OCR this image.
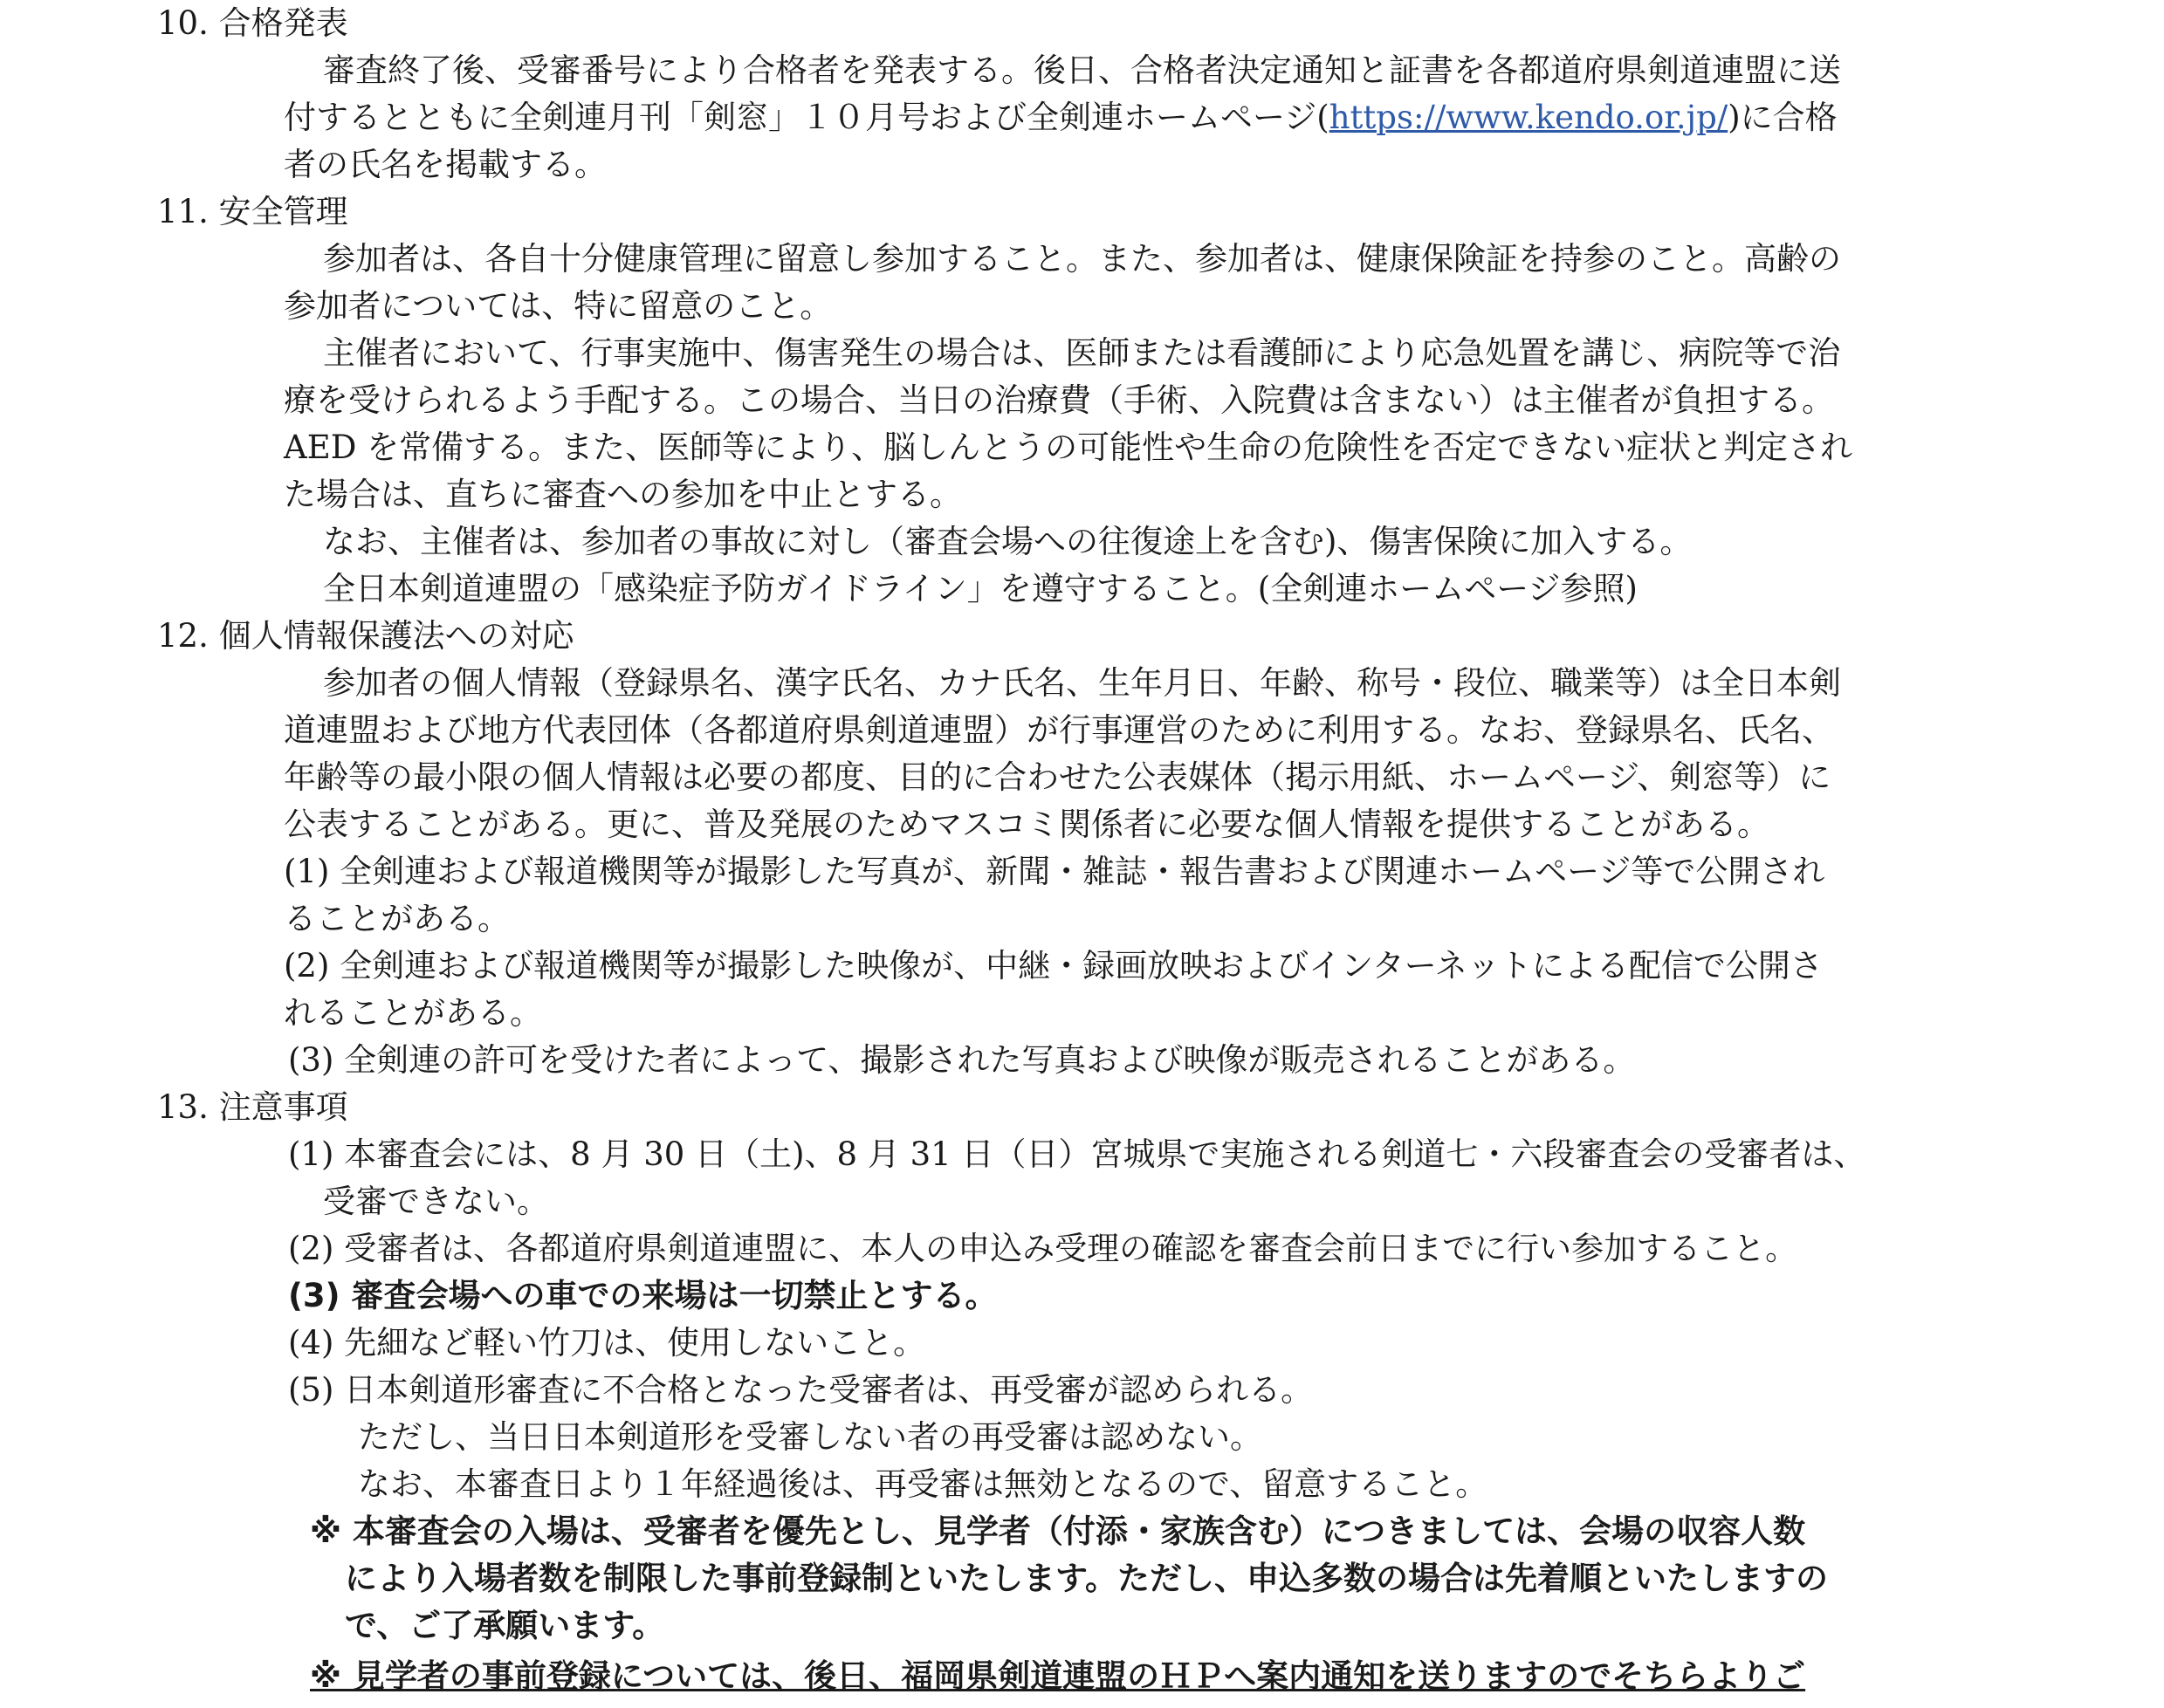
10. 合格発表
審査終了後、受審番号により合格者を発表する。後日、合格者決定通知と証書を各都道府県剣道連盟に送
付するとともに全剣連月刊「剣窓」１０月号および全剣連ホームページ(https://www.kendo.or.jp/)に合格
者の氏名を掲載する。
11. 安全管理
参加者は、各自十分健康管理に留意し参加すること。また、参加者は、健康保険証を持参のこと。高齢の
参加者については、特に留意のこと。
主催者において、行事実施中、傷害発生の場合は、医師または看護師により応急処置を講じ、病院等で治
療を受けられるよう手配する。この場合、当日の治療費（手術、入院費は含まない）は主催者が負担する。
AED を常備する。また、医師等により、脳しんとうの可能性や生命の危険性を否定できない症状と判定され
た場合は、直ちに審査への参加を中止とする。
なお、主催者は、参加者の事故に対し（審査会場への往復途上を含む)、傷害保険に加入する。
全日本剣道連盟の「感染症予防ガイドライン」を遵守すること。(全剣連ホームページ参照)
12. 個人情報保護法への対応
参加者の個人情報（登録県名、漢字氏名、カナ氏名、生年月日、年齢、称号・段位、職業等）は全日本剣
道連盟および地方代表団体（各都道府県剣道連盟）が行事運営のために利用する。なお、登録県名、氏名、
年齢等の最小限の個人情報は必要の都度、目的に合わせた公表媒体（掲示用紙、ホームページ、剣窓等）に
公表することがある。更に、普及発展のためマスコミ関係者に必要な個人情報を提供することがある。
(1) 全剣連および報道機関等が撮影した写真が、新聞・雑誌・報告書および関連ホームページ等で公開され
ることがある。
(2) 全剣連および報道機関等が撮影した映像が、中継・録画放映およびインターネットによる配信で公開さ
れることがある。
(3) 全剣連の許可を受けた者によって、撮影された写真および映像が販売されることがある。
13. 注意事項
(1) 本審査会には、8 月 30 日（土)、8 月 31 日（日）宮城県で実施される剣道七・六段審査会の受審者は、
受審できない。
(2) 受審者は、各都道府県剣道連盟に、本人の申込み受理の確認を審査会前日までに行い参加すること。
(3) 審査会場への車での来場は一切禁止とする。
(4) 先細など軽い竹刀は、使用しないこと。
(5) 日本剣道形審査に不合格となった受審者は、再受審が認められる。
ただし、当日日本剣道形を受審しない者の再受審は認めない。
なお、本審査日より１年経過後は、再受審は無効となるので、留意すること。
※ 本審査会の入場は、受審者を優先とし、見学者（付添・家族含む）につきましては、会場の収容人数
により入場者数を制限した事前登録制といたします。ただし、申込多数の場合は先着順といたしますの
で、ご了承願います。
※ 見学者の事前登録については、後日、福岡県剣道連盟のＨＰへ案内通知を送りますのでそちらよりご
